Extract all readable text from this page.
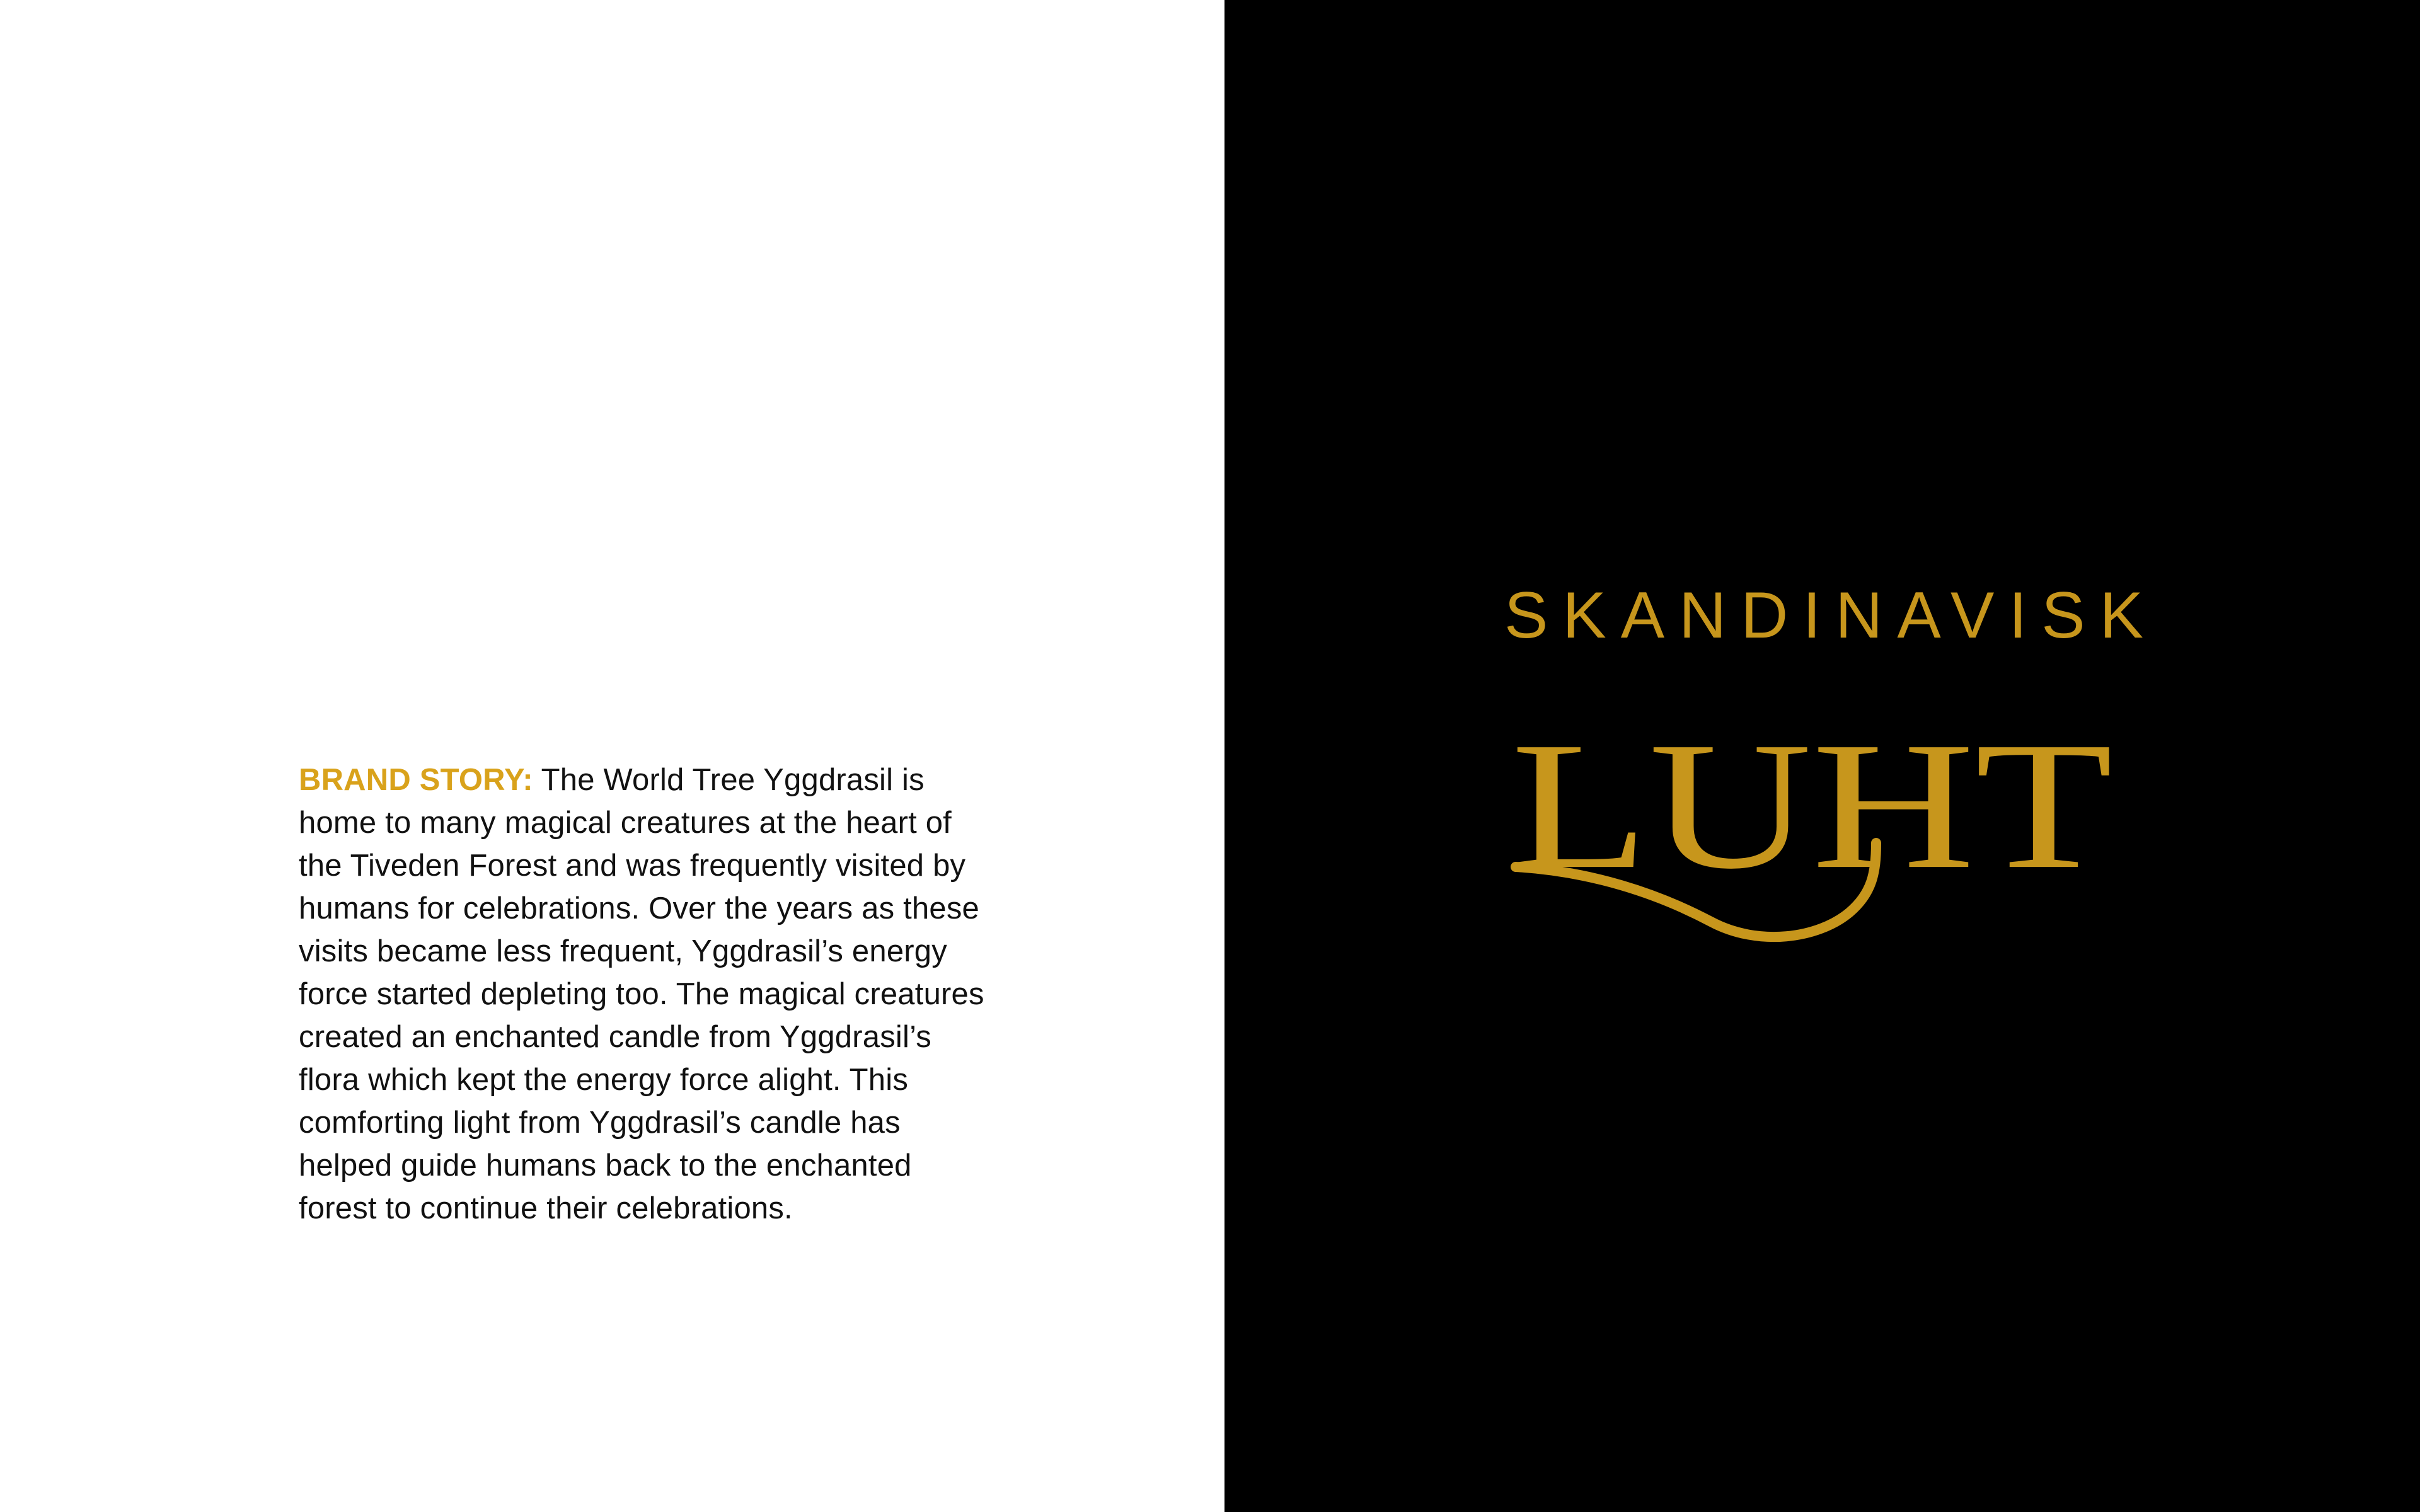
BRAND STORY: The World Tree Yggdrasil is home to many magical creatures at the heart of the Tiveden Forest and was frequently visited by humans for celebrations. Over the years as these visits became less frequent, Yggdrasil’s energy force started depleting too. The magical creatures created an enchanted candle from Yggdrasil’s flora which kept the energy force alight. This comforting light from Yggdrasil’s candle has helped guide humans back to the enchanted forest to continue their celebrations.
SKANDINAVISK
LUHT
